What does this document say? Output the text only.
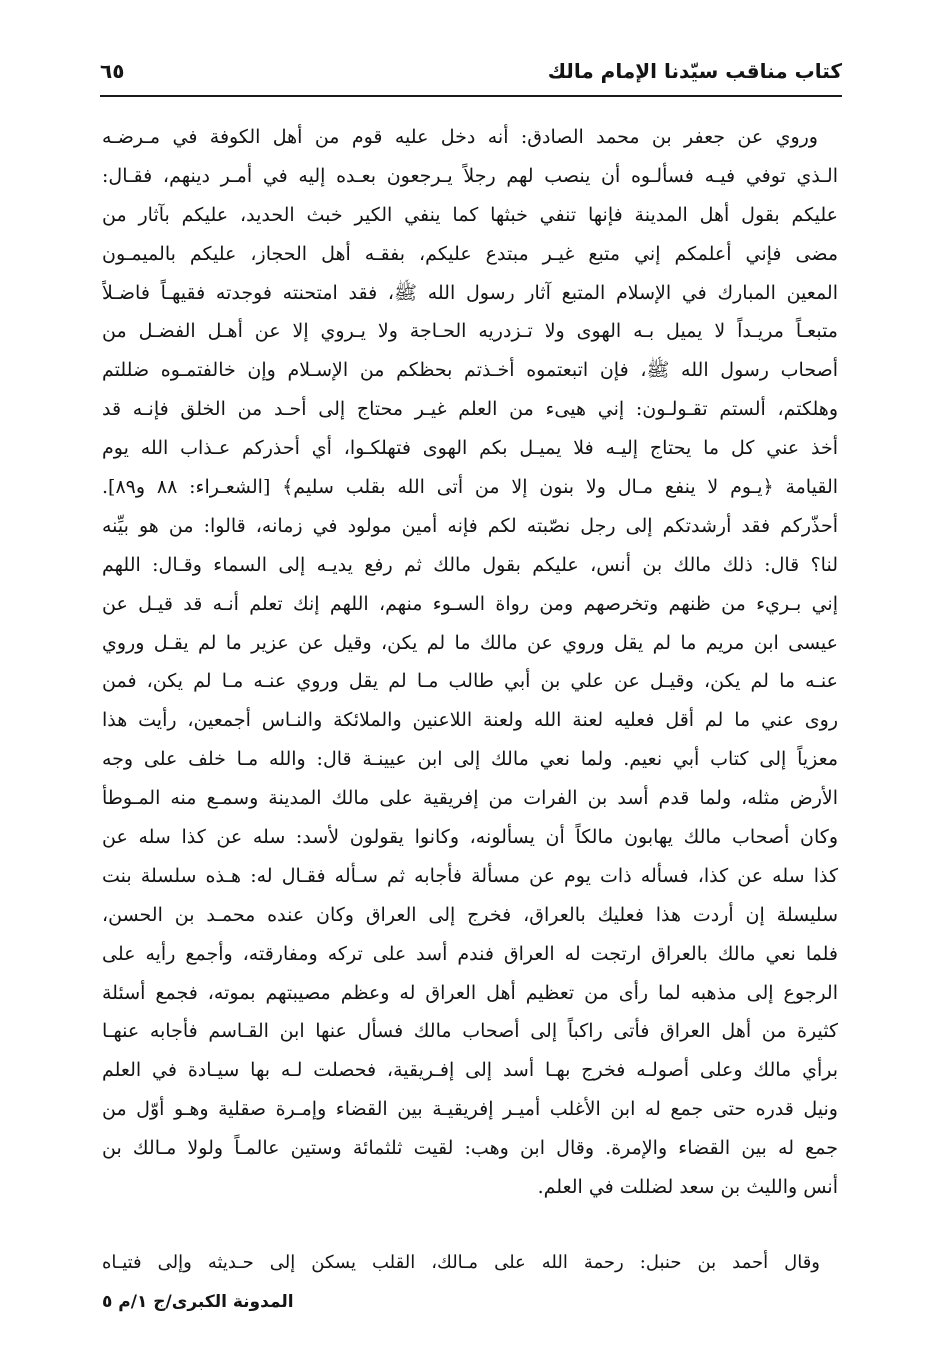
كتاب مناقب سيّدنا الإمام مالك
٦٥
وروي عن جعفر بن محمد الصادق: أنه دخل عليه قوم من أهل الكوفة في مـرضـه
الـذي توفي فيـه فسألـوه أن ينصب لهم رجلاً يـرجعون بعـده إليه في أمـر دينهم، فقـال:
عليكم بقول أهل المدينة فإنها تنفي خبثها كما ينفي الكير خبث الحديد، عليكم بآثار من
مضى فإني أعلمكم إني متبع غيـر مبتدع عليكم، بفقـه أهل الحجاز، عليكم بالميمـون
المعين المبارك في الإسلام المتبع آثار رسول الله ﷺ، فقد امتحنته فوجدته فقيهـاً فاضـلاً
متبعـاً مريـداً لا يميل بـه الهوى ولا تـزدريه الحـاجة ولا يـروي إلا عن أهـل الفضـل من
أصحاب رسول الله ﷺ، فإن اتبعتموه أخـذتم بحظكم من الإسـلام وإن خالفتمـوه ضللتم
وهلكتم، ألستم تقـولـون: إني هيىء من العلم غيـر محتاج إلى أحـد من الخلق فإنـه قد
أخذ عني كل ما يحتاج إليـه فلا يميـل بكم الهوى فتهلكـوا، أي أحذركم عـذاب الله يوم
القيامة ﴿يـوم لا ينفع مـال ولا بنون إلا من أتى الله بقلب سليم﴾ [الشعـراء: ٨٨ و٨٩].
أحذّركم فقد أرشدتكم إلى رجل نصّبته لكم فإنه أمين مولود في زمانه، قالوا: من هو بيِّنه
لنا؟ قال: ذلك مالك بن أنس، عليكم بقول مالك ثم رفع يديـه إلى السماء وقـال: اللهم
إني بـريء من ظنهم وتخرصهم ومن رواة السـوء منهم، اللهم إنك تعلم أنـه قد قيـل عن
عيسى ابن مريم ما لم يقل وروي عن مالك ما لم يكن، وقيل عن عزير ما لم يقـل وروي
عنـه ما لم يكن، وقيـل عن علي بن أبي طالب مـا لم يقل وروي عنـه مـا لم يكن، فمن
روى عني ما لم أقل فعليه لعنة الله ولعنة اللاعنين والملائكة والنـاس أجمعين، رأيت هذا
معزياً إلى كتاب أبي نعيم. ولما نعي مالك إلى ابن عيينـة قال: والله مـا خلف على وجه
الأرض مثله، ولما قدم أسد بن الفرات من إفريقية على مالك المدينة وسمـع منه المـوطأ
وكان أصحاب مالك يهابون مالكاً أن يسألونه، وكانوا يقولون لأسد: سله عن كذا سله عن
كذا سله عن كذا، فسأله ذات يوم عن مسألة فأجابه ثم سـأله فقـال له: هـذه سلسلة بنت
سليسلة إن أردت هذا فعليك بالعراق، فخرج إلى العراق وكان عنده محمـد بن الحسن،
فلما نعي مالك بالعراق ارتجت له العراق فندم أسد على تركه ومفارقته، وأجمع رأيه على
الرجوع إلى مذهبه لما رأى من تعظيم أهل العراق له وعظم مصيبتهم بموته، فجمع أسئلة
كثيرة من أهل العراق فأتى راكباً إلى أصحاب مالك فسأل عنها ابن القـاسم فأجابه عنهـا
برأي مالك وعلى أصولـه فخرج بهـا أسد إلى إفـريقية، فحصلت لـه بها سيـادة في العلم
ونيل قدره حتى جمع له ابن الأغلب أميـر إفريقيـة بين القضاء وإمـرة صقلية وهـو أوّل من
جمع له بين القضاء والإمرة. وقال ابن وهب: لقيت ثلثمائة وستين عالمـاً ولولا مـالك بن
أنس والليث بن سعد لضللت في العلم.
وقال أحمد بن حنبل: رحمة الله على مـالك، القلب يسكن إلى حـديثه وإلى فتيـاه
المدونة الكبرى/ج ١/م ٥
